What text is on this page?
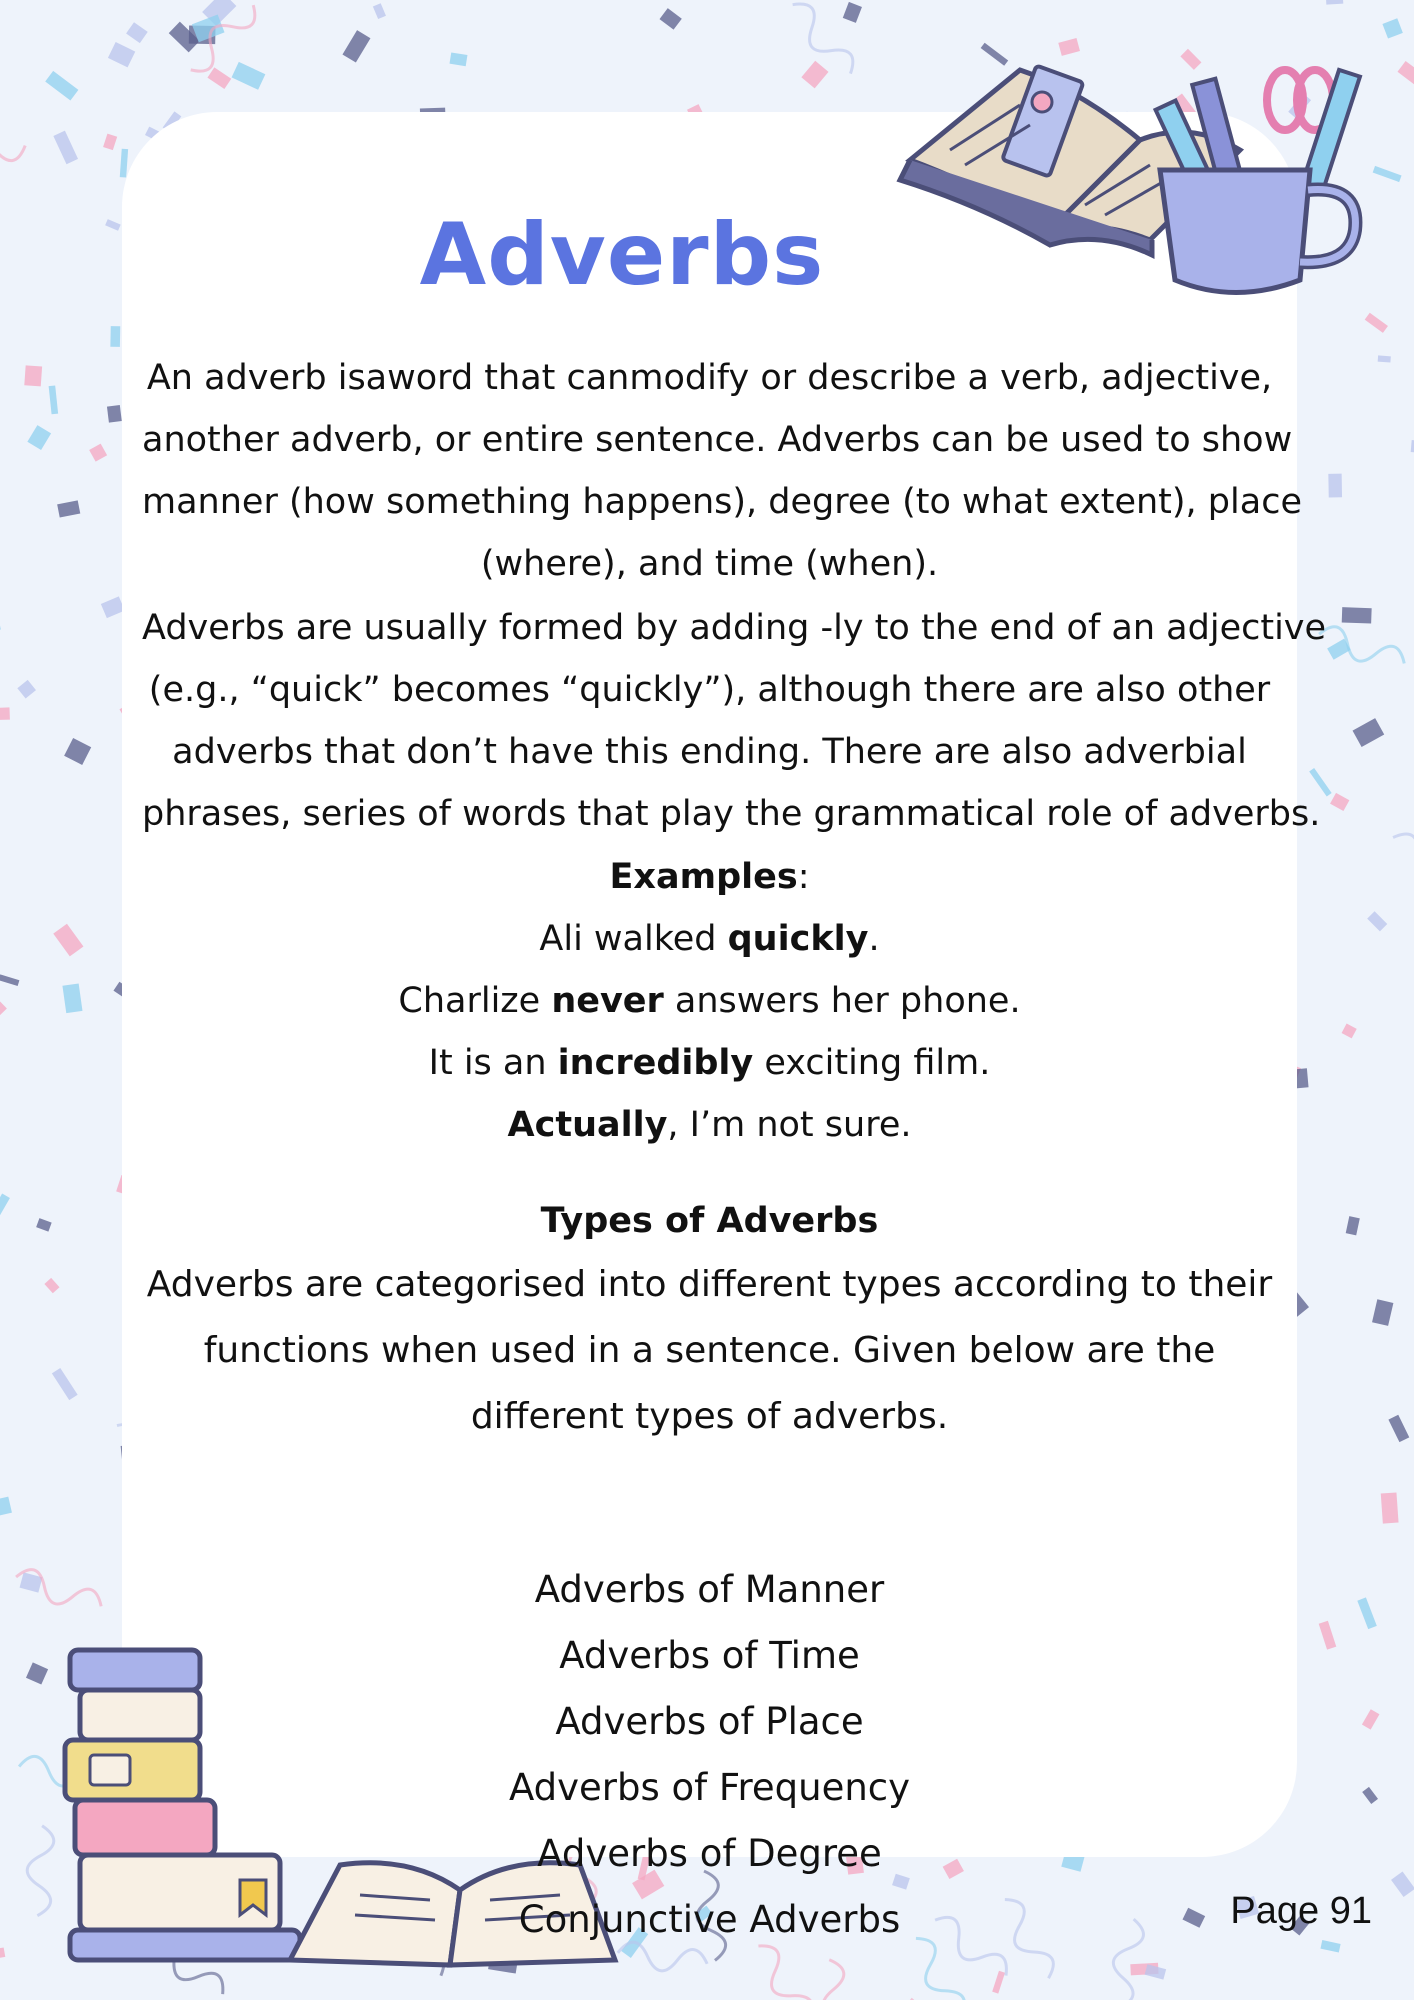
Adverbs

An adverb isaword that canmodify or describe a verb, adjective,
another adverb, or entire sentence. Adverbs can be used to show
manner (how something happens), degree (to what extent), place
(where), and time (when).

Adverbs are usually formed by adding -ly to the end of an adjective
(e.g., “quick” becomes “quickly”), although there are also other
adverbs that don’t have this ending. There are also adverbial
phrases, series of words that play the grammatical role of adverbs.

Examples:

Ali walked quickly.

Charlize never answers her phone.

It is an incredibly exciting film.

Actually, I’m not sure.

Types of Adverbs

Adverbs are categorised into different types according to their
functions when used in a sentence. Given below are the
different types of adverbs.

Adverbs of Manner
Adverbs of Time
Adverbs of Place
Adverbs of Frequency
Adverbs of Degree
Conjunctive Adverbs	Page 91
